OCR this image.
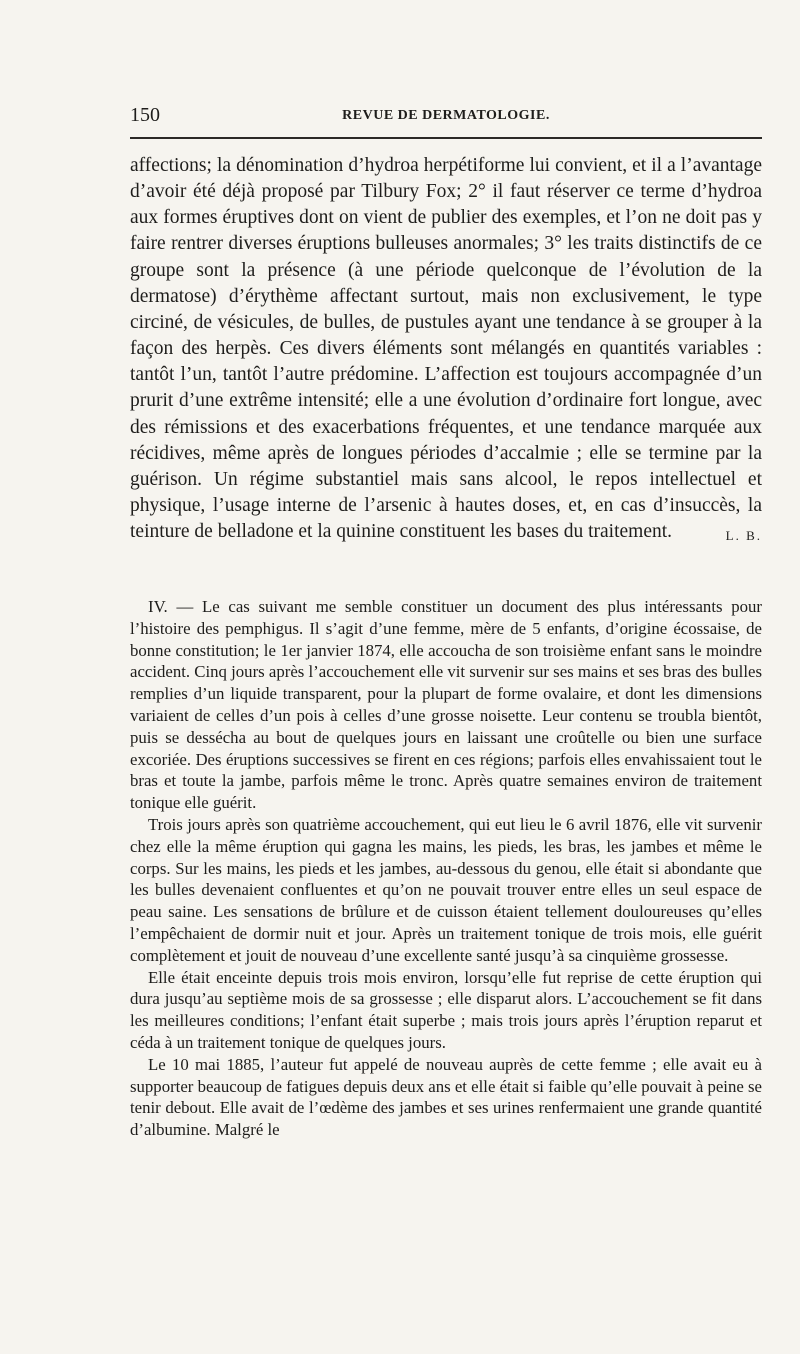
150	REVUE DE DERMATOLOGIE.

affections; la dénomination d’hydroa herpétiforme lui convient, et il a l’avantage d’avoir été déjà proposé par Tilbury Fox; 2° il faut réserver ce terme d’hydroa aux formes éruptives dont on vient de publier des exemples, et l’on ne doit pas y faire rentrer diverses éruptions bulleuses anormales; 3° les traits distinctifs de ce groupe sont la présence (à une période quelconque de l’évolution de la dermatose) d’érythème affectant surtout, mais non exclusivement, le type circiné, de vésicules, de bulles, de pustules ayant une tendance à se grouper à la façon des herpès. Ces divers éléments sont mélangés en quantités variables : tantôt l’un, tantôt l’autre prédomine. L’affection est toujours accompagnée d’un prurit d’une extrême intensité; elle a une évolution d’ordinaire fort longue, avec des rémissions et des exacerbations fréquentes, et une tendance marquée aux récidives, même après de longues périodes d’accalmie ; elle se termine par la guérison. Un régime substantiel mais sans alcool, le repos intellectuel et physique, l’usage interne de l’arsenic à hautes doses, et, en cas d’insuccès, la teinture de belladone et la quinine constituent les bases du traitement.	L. B.

IV. — Le cas suivant me semble constituer un document des plus intéressants pour l’histoire des pemphigus. Il s’agit d’une femme, mère de 5 enfants, d’origine écossaise, de bonne constitution; le 1er janvier 1874, elle accoucha de son troisième enfant sans le moindre accident. Cinq jours après l’accouchement elle vit survenir sur ses mains et ses bras des bulles remplies d’un liquide transparent, pour la plupart de forme ovalaire, et dont les dimensions variaient de celles d’un pois à celles d’une grosse noisette. Leur contenu se troubla bientôt, puis se dessécha au bout de quelques jours en laissant une croûtelle ou bien une surface excoriée. Des éruptions successives se firent en ces régions; parfois elles envahissaient tout le bras et toute la jambe, parfois même le tronc. Après quatre semaines environ de traitement tonique elle guérit.

Trois jours après son quatrième accouchement, qui eut lieu le 6 avril 1876, elle vit survenir chez elle la même éruption qui gagna les mains, les pieds, les bras, les jambes et même le corps. Sur les mains, les pieds et les jambes, au-dessous du genou, elle était si abondante que les bulles devenaient confluentes et qu’on ne pouvait trouver entre elles un seul espace de peau saine. Les sensations de brûlure et de cuisson étaient tellement douloureuses qu’elles l’empêchaient de dormir nuit et jour. Après un traitement tonique de trois mois, elle guérit complètement et jouit de nouveau d’une excellente santé jusqu’à sa cinquième grossesse.

Elle était enceinte depuis trois mois environ, lorsqu’elle fut reprise de cette éruption qui dura jusqu’au septième mois de sa grossesse ; elle disparut alors. L’accouchement se fit dans les meilleures conditions; l’enfant était superbe ; mais trois jours après l’éruption reparut et céda à un traitement tonique de quelques jours.

Le 10 mai 1885, l’auteur fut appelé de nouveau auprès de cette femme ; elle avait eu à supporter beaucoup de fatigues depuis deux ans et elle était si faible qu’elle pouvait à peine se tenir debout. Elle avait de l’œdème des jambes et ses urines renfermaient une grande quantité d’albumine. Malgré le
